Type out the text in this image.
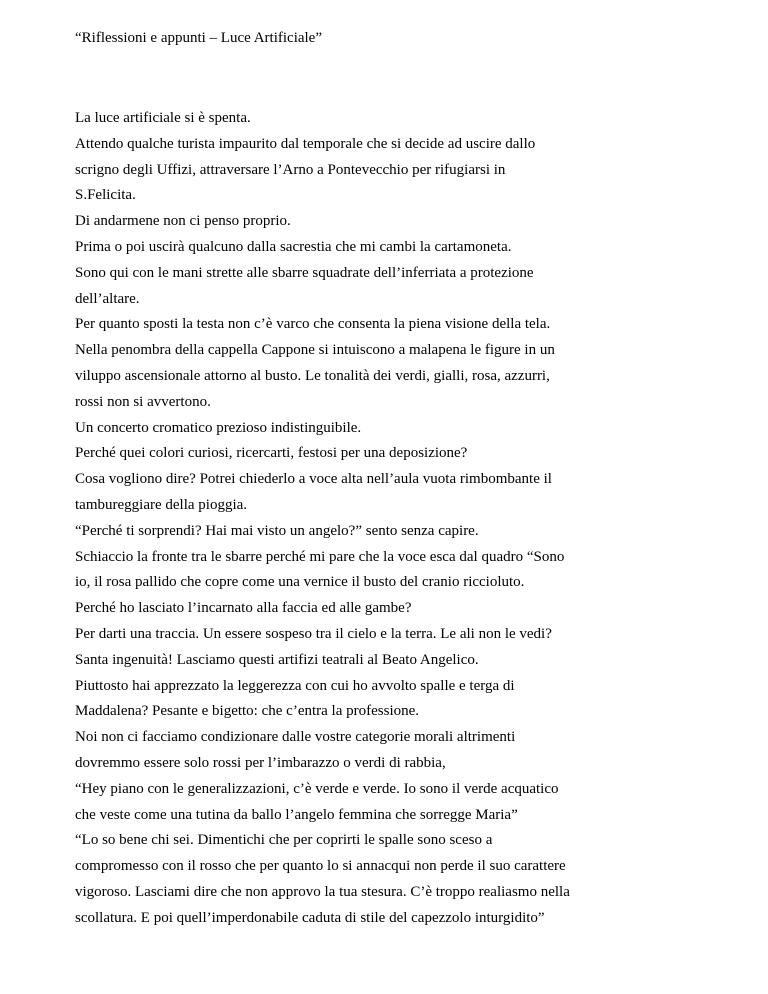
“Riflessioni e appunti – Luce Artificiale”
La luce artificiale si è spenta.
Attendo qualche turista impaurito dal temporale che si decide ad uscire dallo
scrigno degli Uffizi, attraversare l’Arno a Pontevecchio per rifugiarsi in
S.Felicita.
Di andarmene non ci penso proprio.
Prima o poi uscirà qualcuno dalla sacrestia che mi cambi la cartamoneta.
Sono qui con le mani strette alle sbarre squadrate dell’inferriata a protezione
dell’altare.
Per quanto sposti la testa non c’è varco che consenta la piena visione della tela.
Nella penombra della cappella Cappone si intuiscono a malapena le figure in un
viluppo ascensionale attorno al busto. Le tonalità dei verdi, gialli, rosa, azzurri,
rossi non si avvertono.
Un concerto cromatico prezioso indistinguibile.
Perché quei colori curiosi, ricercarti, festosi per una deposizione?
Cosa vogliono dire? Potrei chiederlo a voce alta nell’aula vuota rimbombante il
tambureggiare della pioggia.
“Perché ti sorprendi? Hai mai visto un angelo?” sento senza capire.
Schiaccio la fronte tra le sbarre perché mi pare che la voce esca dal quadro “Sono
io, il rosa pallido che copre come una vernice il busto del cranio riccioluto.
Perché ho lasciato l’incarnato alla faccia ed alle gambe?
Per darti una traccia. Un essere sospeso tra il cielo e la terra. Le ali non le vedi?
Santa ingenuità! Lasciamo questi artifizi teatrali al Beato Angelico.
Piuttosto hai apprezzato la leggerezza con cui ho avvolto spalle e terga di
Maddalena? Pesante e bigetto: che c’entra la professione.
Noi non ci facciamo condizionare dalle vostre categorie morali altrimenti
dovremmo essere solo rossi per l’imbarazzo o verdi di rabbia,
“Hey piano con le generalizzazioni, c’è verde e verde. Io sono il verde acquatico
che veste come una tutina da ballo l’angelo femmina che sorregge Maria”
“Lo so bene chi sei. Dimentichi che per coprirti le spalle sono sceso a
compromesso con il rosso che per quanto lo si annacqui non perde il suo carattere
vigoroso. Lasciami dire che non approvo la tua stesura. C’è troppo realiasmo nella
scollatura. E poi quell’imperdonabile caduta di stile del capezzolo inturgidito”
